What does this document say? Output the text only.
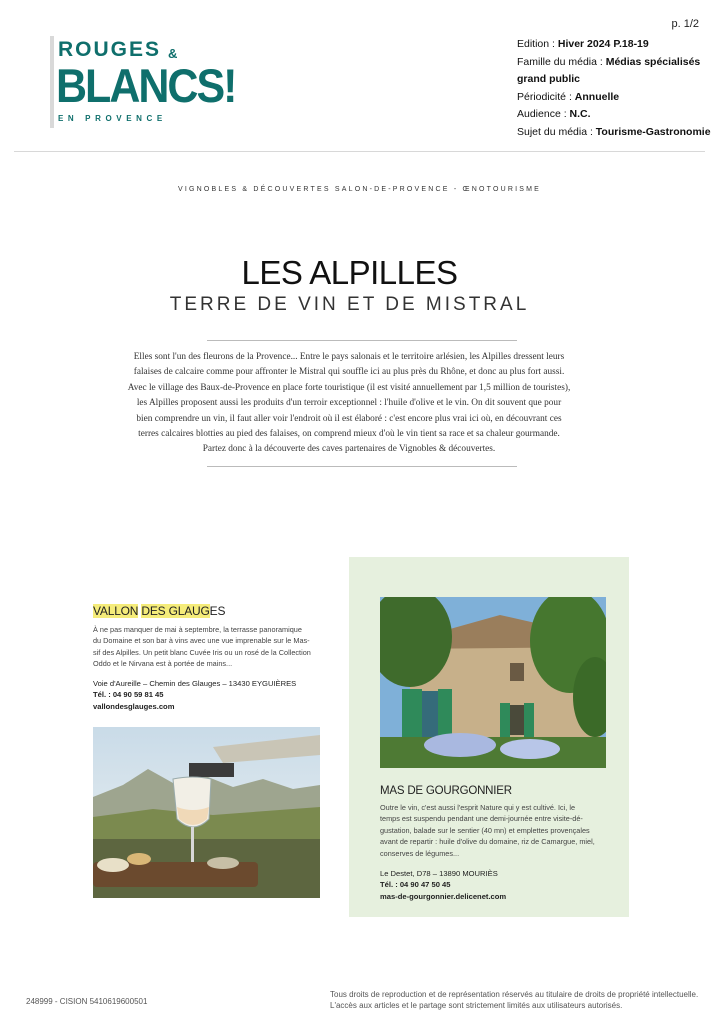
p. 1/2
ROUGES &
BLANCS!
EN PROVENCE
Edition : Hiver 2024 P.18-19
Famille du média : Médias spécialisés
grand public
Périodicité : Annuelle
Audience : N.C.
Sujet du média : Tourisme-Gastronomie
VIGNOBLES & DÉCOUVERTES SALON-DE-PROVENCE - ŒNOTOURISME
LES ALPILLES
TERRE DE VIN ET DE MISTRAL
Elles sont l'un des fleurons de la Provence... Entre le pays salonais et le territoire arlésien, les Alpilles dressent leurs
falaises de calcaire comme pour affronter le Mistral qui souffle ici au plus près du Rhône, et donc au plus fort aussi.
Avec le village des Baux-de-Provence en place forte touristique (il est visité annuellement par 1,5 million de touristes),
les Alpilles proposent aussi les produits d'un terroir exceptionnel : l'huile d'olive et le vin. On dit souvent que pour
bien comprendre un vin, il faut aller voir l'endroit où il est élaboré : c'est encore plus vrai ici où, en découvrant ces
terres calcaires blotties au pied des falaises, on comprend mieux d'où le vin tient sa race et sa chaleur gourmande.
Partez donc à la découverte des caves partenaires de Vignobles & découvertes.
VALLON DES GLAUGES
À ne pas manquer de mai à septembre, la terrasse panoramique
du Domaine et son bar à vins avec une vue imprenable sur le Mas-
sif des Alpilles. Un petit blanc Cuvée Iris ou un rosé de la Collection
Oddo et le Nirvana est à portée de mains...
Voie d'Aureille – Chemin des Glauges – 13430 EYGUIÈRES
Tél. : 04 90 59 81 45
vallondesglauges.com
MAS DE GOURGONNIER
Outre le vin, c'est aussi l'esprit Nature qui y est cultivé. Ici, le
temps est suspendu pendant une demi-journée entre visite-dé-
gustation, balade sur le sentier (40 mn) et emplettes provençales
avant de repartir : huile d'olive du domaine, riz de Camargue, miel,
conserves de légumes...
Le Destet, D78 – 13890 MOURIÈS
Tél. : 04 90 47 50 45
mas-de-gourgonnier.delicenet.com
248999 - CISION 5410619600501
Tous droits de reproduction et de représentation réservés au titulaire de droits de propriété intellectuelle.
L'accès aux articles et le partage sont strictement limités aux utilisateurs autorisés.
